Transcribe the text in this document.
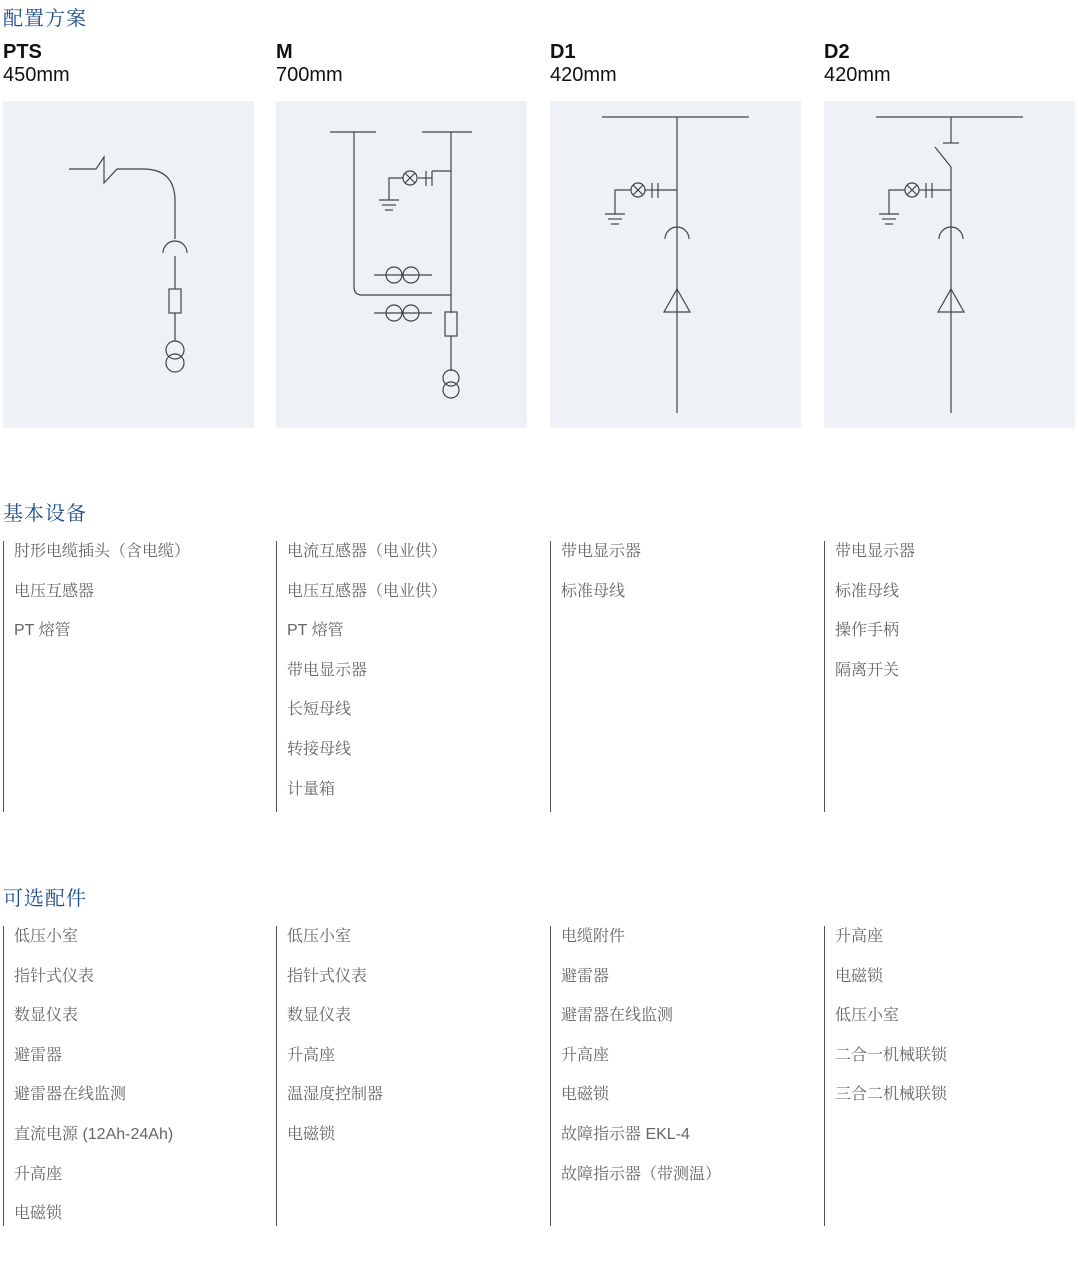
配置方案
基本设备
可选配件
PTS
450mm
肘形电缆插头（含电缆）
电压互感器
PT 熔管
低压小室
指针式仪表
数显仪表
避雷器
避雷器在线监测
直流电源 (12Ah-24Ah)
升高座
电磁锁
M
700mm
电流互感器（电业供）
电压互感器（电业供）
PT 熔管
带电显示器
长短母线
转接母线
计量箱
低压小室
指针式仪表
数显仪表
升高座
温湿度控制器
电磁锁
D1
420mm
带电显示器
标准母线
电缆附件
避雷器
避雷器在线监测
升高座
电磁锁
故障指示器 EKL-4
故障指示器（带测温）
D2
420mm
带电显示器
标准母线
操作手柄
隔离开关
升高座
电磁锁
低压小室
二合一机械联锁
三合二机械联锁
